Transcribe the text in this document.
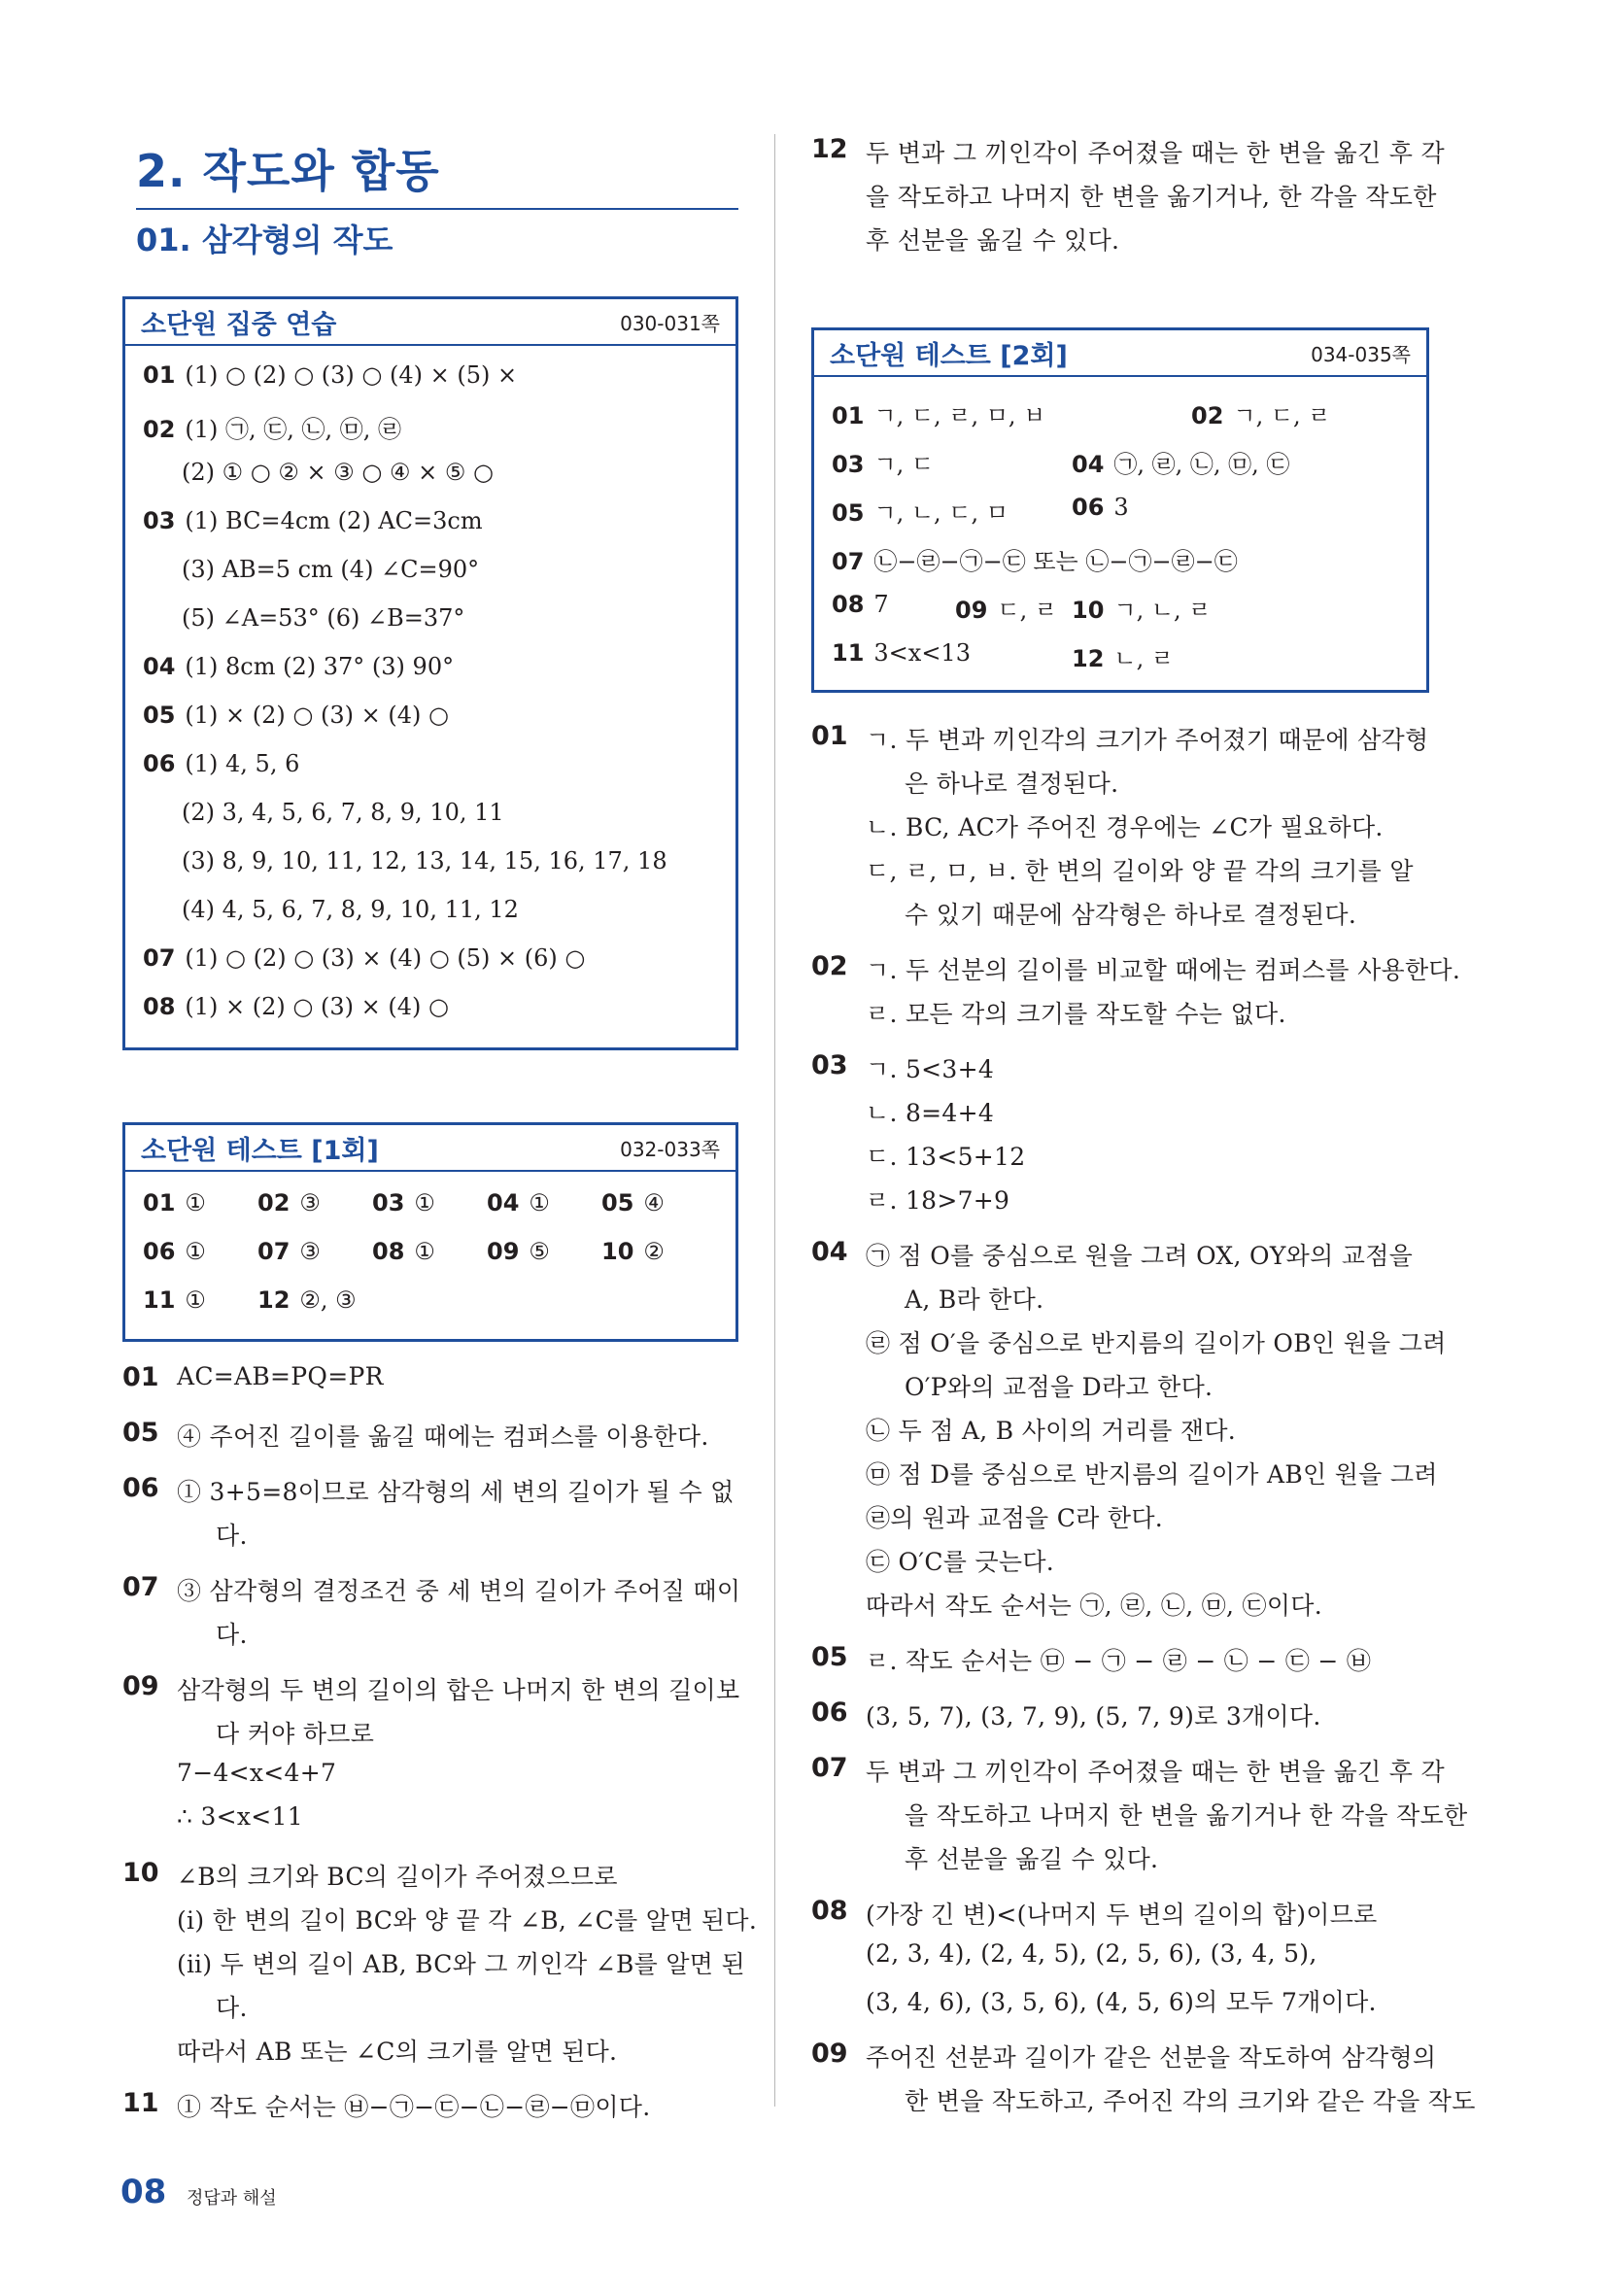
2. 작도와 합동
01. 삼각형의 작도
소단원 집중 연습	030-031쪽
01 (1) ○ (2) ○ (3) ○ (4) × (5) ×
02 (1) ㉠, ㉢, ㉡, ㉤, ㉣
(2) ① ○ ② × ③ ○ ④ × ⑤ ○
03 (1) BC=4cm (2) AC=3cm
(3) AB=5 cm (4) ∠C=90°
(5) ∠A=53° (6) ∠B=37°
04 (1) 8cm (2) 37° (3) 90°
05 (1) × (2) ○ (3) × (4) ○
06 (1) 4, 5, 6
(2) 3, 4, 5, 6, 7, 8, 9, 10, 11
(3) 8, 9, 10, 11, 12, 13, 14, 15, 16, 17, 18
(4) 4, 5, 6, 7, 8, 9, 10, 11, 12
07 (1) ○ (2) ○ (3) × (4) ○ (5) × (6) ○
08 (1) × (2) ○ (3) × (4) ○
소단원 테스트 [1회]	032-033쪽
01 ① 02 ③ 03 ① 04 ① 05 ④
06 ① 07 ③ 08 ① 09 ⑤ 10 ②
11 ① 12 ②, ③
01 AC=AB=PQ=PR
05 ④ 주어진 길이를 옮길 때에는 컴퍼스를 이용한다.
06 ① 3+5=8이므로 삼각형의 세 변의 길이가 될 수 없
다.
07 ③ 삼각형의 결정조건 중 세 변의 길이가 주어질 때이
다.
09 삼각형의 두 변의 길이의 합은 나머지 한 변의 길이보
다 커야 하므로
7−4<x<4+7
∴ 3<x<11
10 ∠B의 크기와 BC의 길이가 주어졌으므로
(ⅰ) 한 변의 길이 BC와 양 끝 각 ∠B, ∠C를 알면 된다.
(ⅱ) 두 변의 길이 AB, BC와 그 끼인각 ∠B를 알면 된
다.
따라서 AB 또는 ∠C의 크기를 알면 된다.
11 ① 작도 순서는 ㉥−㉠−㉢−㉡−㉣−㉤이다.
12 두 변과 그 끼인각이 주어졌을 때는 한 변을 옮긴 후 각
을 작도하고 나머지 한 변을 옮기거나, 한 각을 작도한
후 선분을 옮길 수 있다.
소단원 테스트 [2회]	034-035쪽
01 ㄱ, ㄷ, ㄹ, ㅁ, ㅂ	02 ㄱ, ㄷ, ㄹ
03 ㄱ, ㄷ	04 ㉠, ㉣, ㉡, ㉤, ㉢
05 ㄱ, ㄴ, ㄷ, ㅁ	06 3
07 ㉡−㉣−㉠−㉢ 또는 ㉡−㉠−㉣−㉢
08 7	09 ㄷ, ㄹ 10 ㄱ, ㄴ, ㄹ
11 3<x<13	12 ㄴ, ㄹ
01 ㄱ. 두 변과 끼인각의 크기가 주어졌기 때문에 삼각형
은 하나로 결정된다.
ㄴ. BC, AC가 주어진 경우에는 ∠C가 필요하다.
ㄷ, ㄹ, ㅁ, ㅂ. 한 변의 길이와 양 끝 각의 크기를 알
수 있기 때문에 삼각형은 하나로 결정된다.
02 ㄱ. 두 선분의 길이를 비교할 때에는 컴퍼스를 사용한다.
ㄹ. 모든 각의 크기를 작도할 수는 없다.
03 ㄱ. 5<3+4
ㄴ. 8=4+4
ㄷ. 13<5+12
ㄹ. 18>7+9
04 ㉠ 점 O를 중심으로 원을 그려 OX, OY와의 교점을
A, B라 한다.
㉣ 점 O′을 중심으로 반지름의 길이가 OB인 원을 그려
O′P와의 교점을 D라고 한다.
㉡ 두 점 A, B 사이의 거리를 잰다.
㉤ 점 D를 중심으로 반지름의 길이가 AB인 원을 그려
㉣의 원과 교점을 C라 한다.
㉢ O′C를 긋는다.
따라서 작도 순서는 ㉠, ㉣, ㉡, ㉤, ㉢이다.
05 ㄹ. 작도 순서는 ㉤ − ㉠ − ㉣ − ㉡ − ㉢ − ㉥
06 (3, 5, 7), (3, 7, 9), (5, 7, 9)로 3개이다.
07 두 변과 그 끼인각이 주어졌을 때는 한 변을 옮긴 후 각
을 작도하고 나머지 한 변을 옮기거나 한 각을 작도한
후 선분을 옮길 수 있다.
08 (가장 긴 변)<(나머지 두 변의 길이의 합)이므로
(2, 3, 4), (2, 4, 5), (2, 5, 6), (3, 4, 5),
(3, 4, 6), (3, 5, 6), (4, 5, 6)의 모두 7개이다.
09 주어진 선분과 길이가 같은 선분을 작도하여 삼각형의
한 변을 작도하고, 주어진 각의 크기와 같은 각을 작도
08 정답과 해설
